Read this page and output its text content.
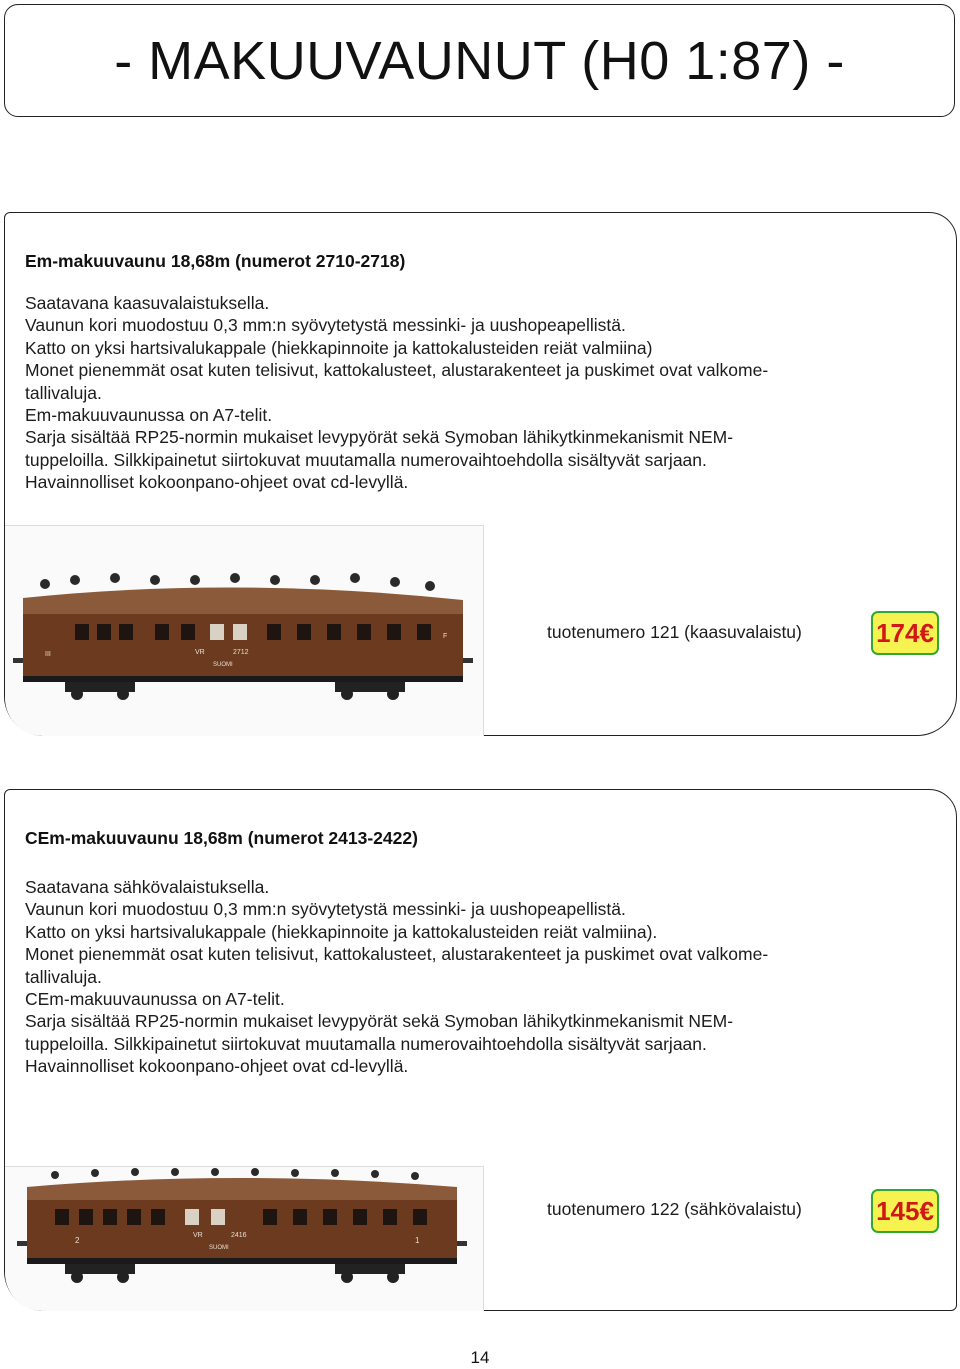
- MAKUUVAUNUT (H0 1:87) -
Em-makuuvaunu 18,68m (numerot 2710-2718)
Saatavana kaasuvalaistuksella.
Vaunun kori muodostuu 0,3 mm:n syövytetystä messinki- ja uushopeapellistä.
Katto on yksi hartsivalukappale (hiekkapinnoite ja kattokalusteiden reiät valmiina)
Monet pienemmät osat kuten telisivut, kattokalusteet, alustarakenteet ja puskimet ovat valkome-
tallivaluja.
Em-makuuvaunussa on A7-telit.
Sarja sisältää RP25-normin mukaiset levypyörät sekä Symoban lähikytkinmekanismit NEM-
tuppeloilla. Silkkipainetut siirtokuvat muutamalla numerovaihtoehdolla sisältyvät sarjaan.
Havainnolliset kokoonpano-ohjeet ovat cd-levyllä.
VR	2712
SUOMI
III
F	tuotenumero 121 (kaasuvalaistu)	174€
CEm-makuuvaunu 18,68m (numerot 2413-2422)
Saatavana sähkövalaistuksella.
Vaunun kori muodostuu 0,3 mm:n syövytetystä messinki- ja uushopeapellistä.
Katto on yksi hartsivalukappale (hiekkapinnoite ja kattokalusteiden reiät valmiina).
Monet pienemmät osat kuten telisivut, kattokalusteet, alustarakenteet ja puskimet ovat valkome-
tallivaluja.
CEm-makuuvaunussa on A7-telit.
Sarja sisältää RP25-normin mukaiset levypyörät sekä Symoban lähikytkinmekanismit NEM-
tuppeloilla. Silkkipainetut siirtokuvat muutamalla numerovaihtoehdolla sisältyvät sarjaan.
Havainnolliset kokoonpano-ohjeet ovat cd-levyllä.
VR	2416
SUOMI
2	1
tuotenumero 122 (sähkövalaistu)	145€
14
